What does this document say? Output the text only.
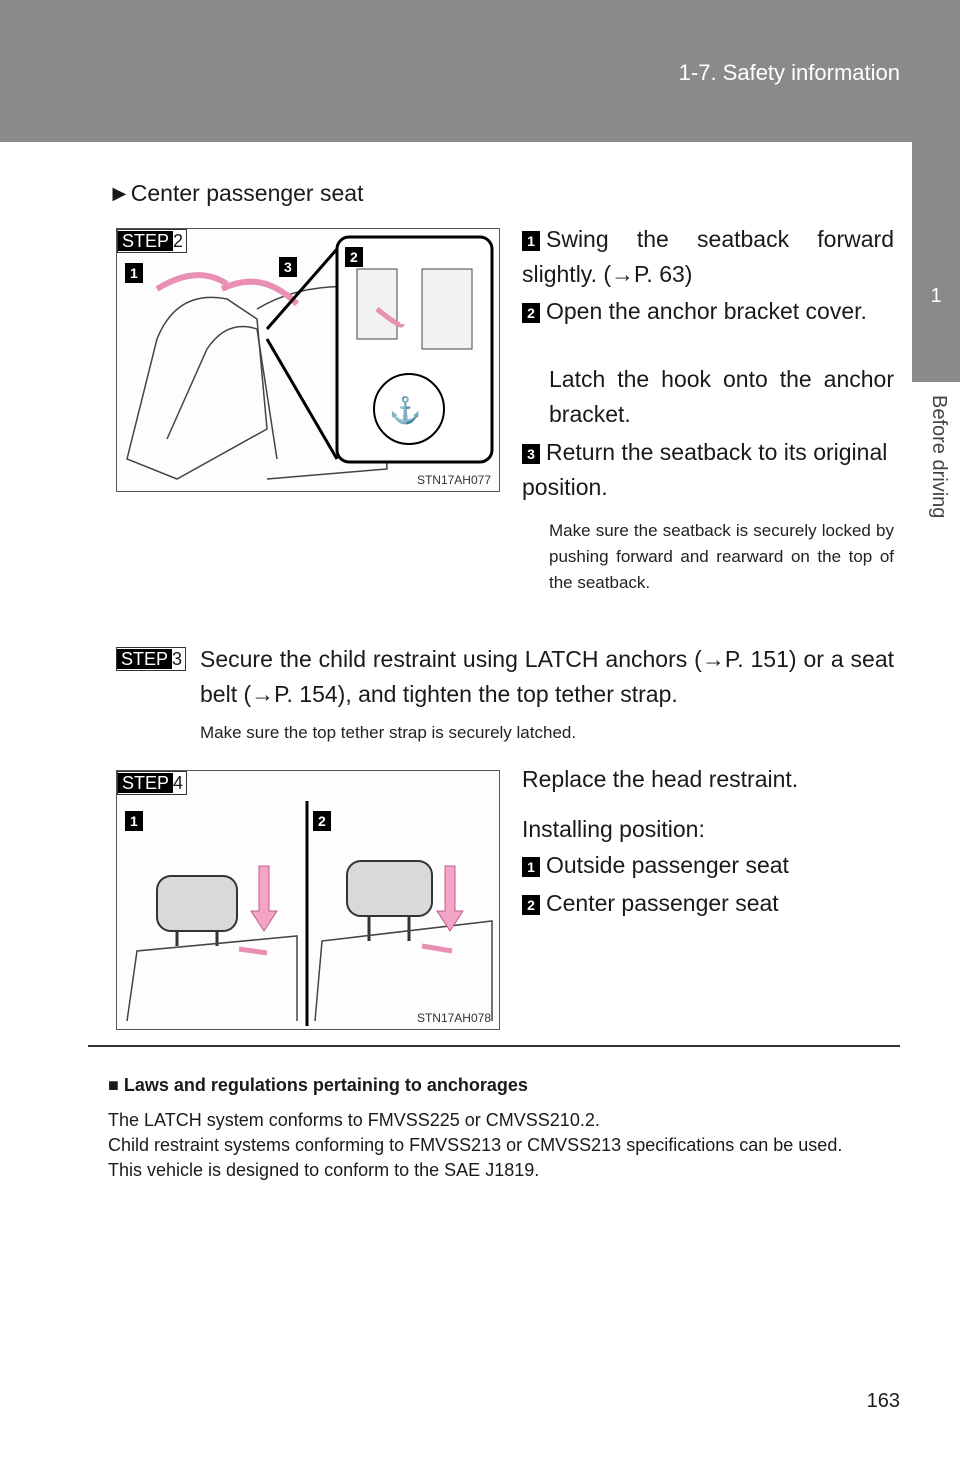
1-7. Safety information
1
Before driving
►Center passenger seat
STEP 2
⚓
1	3
2
STN17AH077
1 Swing the seatback forward slightly. (→P. 63)
2 Open the anchor bracket cover.
Latch the hook onto the anchor bracket.
3 Return the seatback to its original position.
Make sure the seatback is securely locked by pushing forward and rearward on the top of the seatback.
STEP 3 Secure the child restraint using LATCH anchors (→P. 151) or a seat belt (→P. 154), and tighten the top tether strap.
Make sure the top tether strap is securely latched.
STEP 4
1	2
STN17AH078
Replace the head restraint.
Installing position:
1 Outside passenger seat
2 Center passenger seat
■ Laws and regulations pertaining to anchorages
The LATCH system conforms to FMVSS225 or CMVSS210.2.
Child restraint systems conforming to FMVSS213 or CMVSS213 specifications can be used.
This vehicle is designed to conform to the SAE J1819.
163
